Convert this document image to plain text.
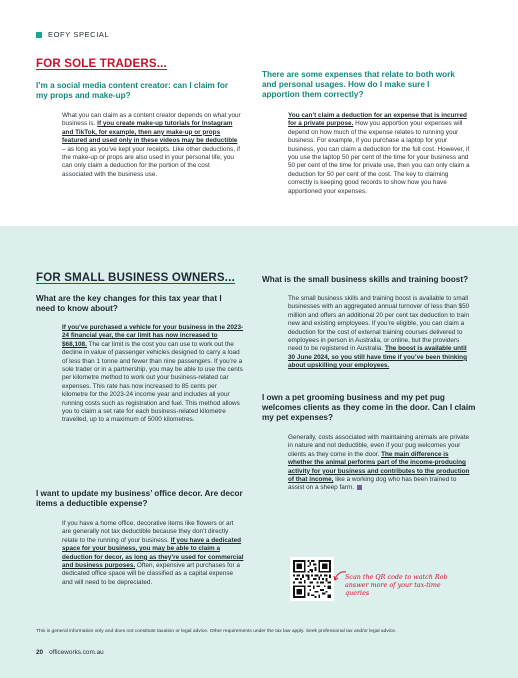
EOFY SPECIAL
FOR SOLE TRADERS...
I’m a social media content creator: can I claim for my props and make-up?
What you can claim as a content creator depends on what your business is. If you create make-up tutorials for Instagram and TikTok, for example, then any make-up or props featured and used only in these videos may be deductible – as long as you’ve kept your receipts. Like other deductions, if the make-up or props are also used in your personal life, you can only claim a deduction for the portion of the cost associated with the business use.
There are some expenses that relate to both work and personal usages. How do I make sure I apportion them correctly?
You can’t claim a deduction for an expense that is incurred for a private purpose. How you apportion your expenses will depend on how much of the expense relates to running your business. For example, if you purchase a laptop for your business, you can claim a deduction for the full cost. However, if you use the laptop 50 per cent of the time for your business and 50 per cent of the time for private use, then you can only claim a deduction for 50 per cent of the cost. The key to claiming correctly is keeping good records to show how you have apportioned your expenses.
FOR SMALL BUSINESS OWNERS...
What are the key changes for this tax year that I need to know about?
If you’ve purchased a vehicle for your business in the 2023-24 financial year, the car limit has now increased to $68,108. The car limit is the cost you can use to work out the decline in value of passenger vehicles designed to carry a load of less than 1 tonne and fewer than nine passengers. If you’re a sole trader or in a partnership, you may be able to use the cents per kilometre method to work out your business-related car expenses. This rate has now increased to 85 cents per kilometre for the 2023-24 income year and includes all your running costs such as registration and fuel. This method allows you to claim a set rate for each business-related kilometre travelled, up to a maximum of 5000 kilometres.
I want to update my business’ office decor. Are decor items a deductible expense?
If you have a home office, decorative items like flowers or art are generally not tax deductible because they don’t directly relate to the running of your business. If you have a dedicated space for your business, you may be able to claim a deduction for decor, as long as they’re used for commercial and business purposes. Often, expensive art purchases for a dedicated office space will be classified as a capital expense and will need to be depreciated.
What is the small business skills and training boost?
The small business skills and training boost is available to small businesses with an aggregated annual turnover of less than $50 million and offers an additional 20 per cent tax deduction to train new and existing employees. If you’re eligible, you can claim a deduction for the cost of external training courses delivered to employees in person in Australia, or online, but the providers need to be registered in Australia. The boost is available until 30 June 2024, so you still have time if you’ve been thinking about upskilling your employees.
I own a pet grooming business and my pet pug welcomes clients as they come in the door. Can I claim my pet expenses?
Generally, costs associated with maintaining animals are private in nature and not deductible, even if your pug welcomes your clients as they come in the door. The main difference is whether the animal performs part of the income-producing activity for your business and contributes to the production of that income, like a working dog who has been trained to assist on a sheep farm.
Scan the QR code to watch Rob answer more of your tax-time queries
This is general information only and does not constitute taxation or legal advice. Other requirements under the tax law apply. Seek professional tax and/or legal advice.
20 officeworks.com.au
